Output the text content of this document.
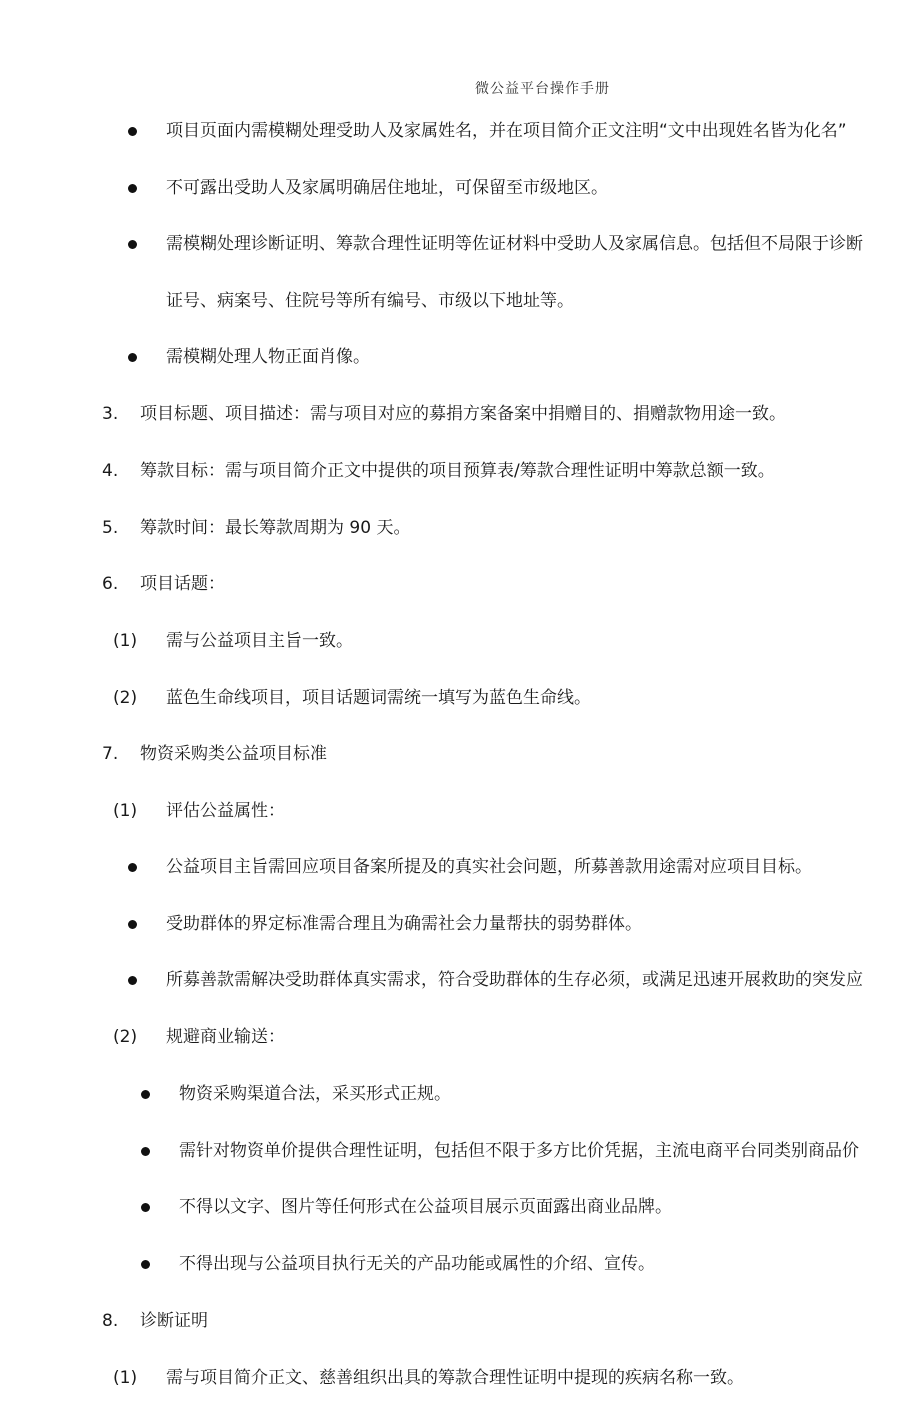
微公益平台操作手册
项目页面内需模糊处理受助人及家属姓名，并在项目简介正文注明“文中出现姓名皆为化名”
不可露出受助人及家属明确居住地址，可保留至市级地区。
需模糊处理诊断证明、筹款合理性证明等佐证材料中受助人及家属信息。包括但不局限于诊断
证号、病案号、住院号等所有编号、市级以下地址等。
需模糊处理人物正面肖像。
3. 项目标题、项目描述：需与项目对应的募捐方案备案中捐赠目的、捐赠款物用途一致。
4. 筹款目标：需与项目简介正文中提供的项目预算表/筹款合理性证明中筹款总额一致。
5. 筹款时间：最长筹款周期为 90 天。
6. 项目话题：
(1) 需与公益项目主旨一致。
(2) 蓝色生命线项目，项目话题词需统一填写为蓝色生命线。
7. 物资采购类公益项目标准
(1) 评估公益属性：
公益项目主旨需回应项目备案所提及的真实社会问题，所募善款用途需对应项目目标。
受助群体的界定标准需合理且为确需社会力量帮扶的弱势群体。
所募善款需解决受助群体真实需求，符合受助群体的生存必须，或满足迅速开展救助的突发应
(2) 规避商业输送：
物资采购渠道合法，采买形式正规。
需针对物资单价提供合理性证明，包括但不限于多方比价凭据，主流电商平台同类别商品价
不得以文字、图片等任何形式在公益项目展示页面露出商业品牌。
不得出现与公益项目执行无关的产品功能或属性的介绍、宣传。
8. 诊断证明
(1) 需与项目简介正文、慈善组织出具的筹款合理性证明中提现的疾病名称一致。
